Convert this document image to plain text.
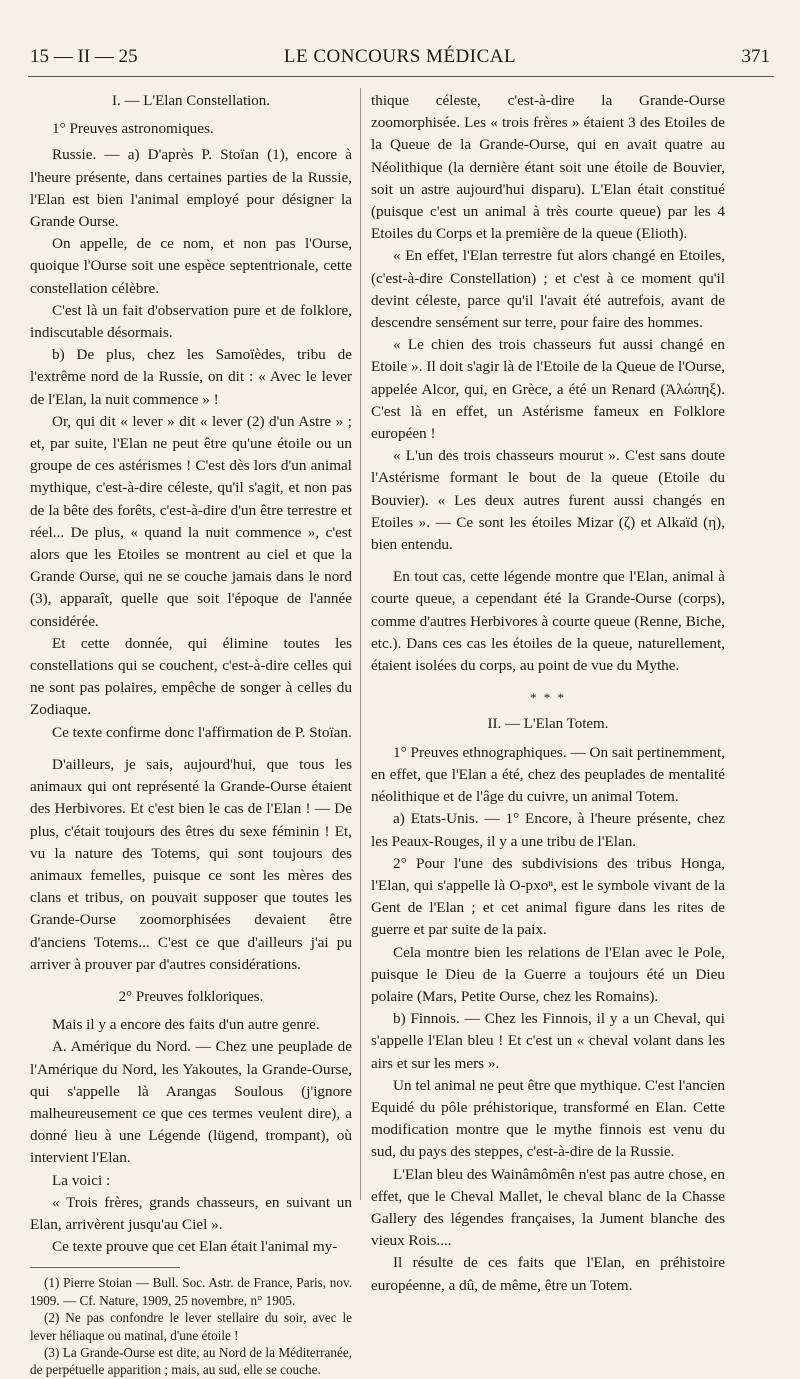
15 — II — 25	LE CONCOURS MÉDICAL	371

I. — L'Elan Constellation.

1° Preuves astronomiques.

Russie. — a) D'après P. Stoïan (1), encore à l'heure présente, dans certaines parties de la Russie, l'Elan est bien l'animal employé pour désigner la Grande Ourse.

On appelle, de ce nom, et non pas l'Ourse, quoique l'Ourse soit une espèce septentrionale, cette constellation célèbre.

C'est là un fait d'observation pure et de folklore, indiscutable désormais.

b) De plus, chez les Samoïèdes, tribu de l'extrême nord de la Russie, on dit : « Avec le lever de l'Elan, la nuit commence » !

Or, qui dit « lever » dit « lever (2) d'un Astre » ; et, par suite, l'Elan ne peut être qu'une étoile ou un groupe de ces astérismes ! C'est dès lors d'un animal mythique, c'est-à-dire céleste, qu'il s'agit, et non pas de la bête des forêts, c'est-à-dire d'un être terrestre et réel... De plus, « quand la nuit commence », c'est alors que les Etoiles se montrent au ciel et que la Grande Ourse, qui ne se couche jamais dans le nord (3), apparaît, quelle que soit l'époque de l'année considérée.

Et cette donnée, qui élimine toutes les constellations qui se couchent, c'est-à-dire celles qui ne sont pas polaires, empêche de songer à celles du Zodiaque.

Ce texte confirme donc l'affirmation de P. Stoïan.

D'ailleurs, je sais, aujourd'hui, que tous les animaux qui ont représenté la Grande-Ourse étaient des Herbivores. Et c'est bien le cas de l'Elan ! — De plus, c'était toujours des êtres du sexe féminin ! Et, vu la nature des Totems, qui sont toujours des animaux femelles, puisque ce sont les mères des clans et tribus, on pouvait supposer que toutes les Grande-Ourse zoomorphisées devaient être d'anciens Totems... C'est ce que d'ailleurs j'ai pu arriver à prouver par d'autres considérations.

2° Preuves folkloriques.

Mais il y a encore des faits d'un autre genre.

A. Amérique du Nord. — Chez une peuplade de l'Amérique du Nord, les Yakoutes, la Grande-Ourse, qui s'appelle là Arangas Soulous (j'ignore malheureusement ce que ces termes veulent dire), a donné lieu à une Légende (lügend, trompant), où intervient l'Elan.

La voici :

« Trois frères, grands chasseurs, en suivant un Elan, arrivèrent jusqu'au Ciel ».

Ce texte prouve que cet Elan était l'animal my-

(1) Pierre Stoian — Bull. Soc. Astr. de France, Paris, nov. 1909. — Cf. Nature, 1909, 25 novembre, n° 1905.

(2) Ne pas confondre le lever stellaire du soir, avec le lever héliaque ou matinal, d'une étoile !

(3) La Grande-Ourse est dite, au Nord de la Méditerranée, de perpétuelle apparition ; mais, au sud, elle se couche.

thique céleste, c'est-à-dire la Grande-Ourse zoomorphisée. Les « trois frères » étaient 3 des Etoiles de la Queue de la Grande-Ourse, qui en avait quatre au Néolithique (la dernière étant soit une étoile de Bouvier, soit un astre aujourd'hui disparu). L'Elan était constitué (puisque c'est un animal à très courte queue) par les 4 Etoiles du Corps et la première de la queue (Elioth).

« En effet, l'Elan terrestre fut alors changé en Etoiles, (c'est-à-dire Constellation) ; et c'est à ce moment qu'il devint céleste, parce qu'il l'avait été autrefois, avant de descendre sensément sur terre, pour faire des hommes.

« Le chien des trois chasseurs fut aussi changé en Etoile ». Il doit s'agir là de l'Etoile de la Queue de l'Ourse, appelée Alcor, qui, en Grèce, a été un Renard (Ἀλώπηξ). C'est là en effet, un Astérisme fameux en Folklore européen !

« L'un des trois chasseurs mourut ». C'est sans doute l'Astérisme formant le bout de la queue (Etoile du Bouvier). « Les deux autres furent aussi changés en Etoiles ». — Ce sont les étoiles Mizar (ζ) et Alkaïd (η), bien entendu.

En tout cas, cette légende montre que l'Elan, animal à courte queue, a cependant été la Grande-Ourse (corps), comme d'autres Herbivores à courte queue (Renne, Biche, etc.). Dans ces cas les étoiles de la queue, naturellement, étaient isolées du corps, au point de vue du Mythe.

* * *

II. — L'Elan Totem.

1° Preuves ethnographiques. — On sait pertinemment, en effet, que l'Elan a été, chez des peuplades de mentalité néolithique et de l'âge du cuivre, un animal Totem.

a) Etats-Unis. — 1° Encore, à l'heure présente, chez les Peaux-Rouges, il y a une tribu de l'Elan.

2° Pour l'une des subdivisions des tribus Honga, l'Elan, qui s'appelle là O-pxoⁿ, est le symbole vivant de la Gent de l'Elan ; et cet animal figure dans les rites de guerre et par suite de la paix.

Cela montre bien les relations de l'Elan avec le Pole, puisque le Dieu de la Guerre a toujours été un Dieu polaire (Mars, Petite Ourse, chez les Romains).

b) Finnois. — Chez les Finnois, il y a un Cheval, qui s'appelle l'Elan bleu ! Et c'est un « cheval volant dans les airs et sur les mers ».

Un tel animal ne peut être que mythique. C'est l'ancien Equidé du pôle préhistorique, transformé en Elan. Cette modification montre que le mythe finnois est venu du sud, du pays des steppes, c'est-à-dire de la Russie.

L'Elan bleu des Wainâmômên n'est pas autre chose, en effet, que le Cheval Mallet, le cheval blanc de la Chasse Gallery des légendes françaises, la Jument blanche des vieux Rois....

Il résulte de ces faits que l'Elan, en préhistoire européenne, a dû, de même, être un Totem.
